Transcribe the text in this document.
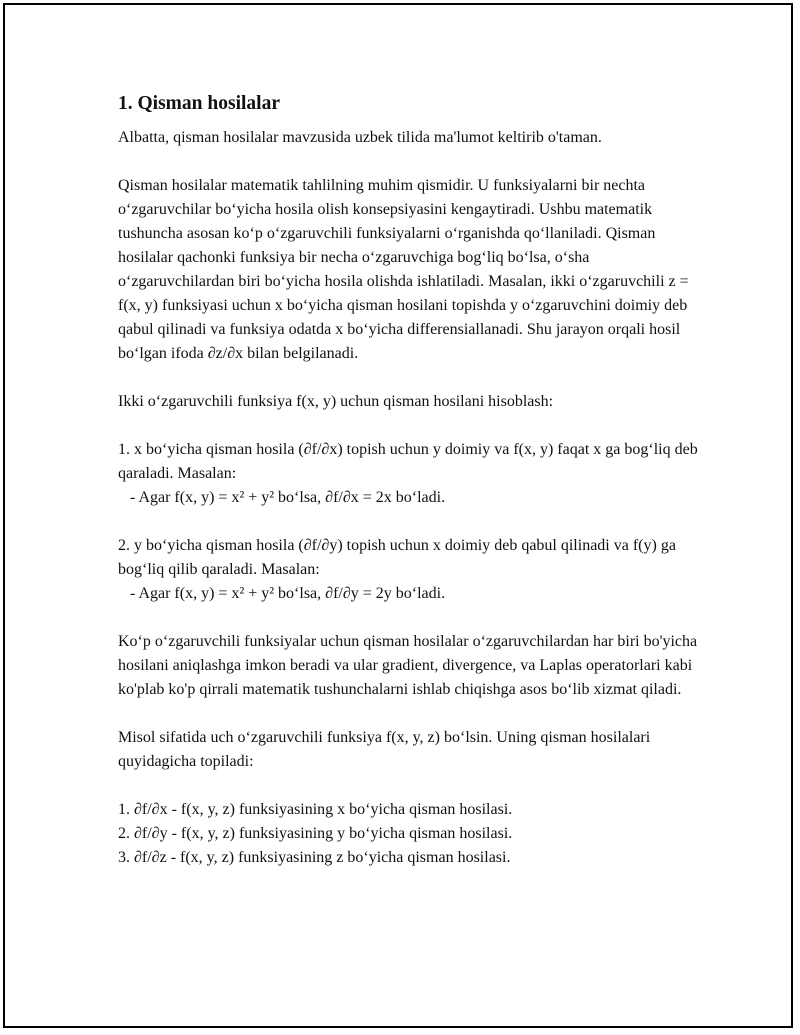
1. Qisman hosilalar

Albatta, qisman hosilalar mavzusida uzbek tilida ma'lumot keltirib o'taman.

Qisman hosilalar matematik tahlilning muhim qismidir. U funksiyalarni bir nechta o‘zgaruvchilar bo‘yicha hosila olish konsepsiyasini kengaytiradi. Ushbu matematik tushuncha asosan ko‘p o‘zgaruvchili funksiyalarni o‘rganishda qo‘llaniladi. Qisman hosilalar qachonki funksiya bir necha o‘zgaruvchiga bog‘liq bo‘lsa, o‘sha o‘zgaruvchilardan biri bo‘yicha hosila olishda ishlatiladi. Masalan, ikki o‘zgaruvchili z = f(x, y) funksiyasi uchun x bo‘yicha qisman hosilani topishda y o‘zgaruvchini doimiy deb qabul qilinadi va funksiya odatda x bo‘yicha differensiallanadi. Shu jarayon orqali hosil bo‘lgan ifoda ∂z/∂x bilan belgilanadi.

Ikki o‘zgaruvchili funksiya f(x, y) uchun qisman hosilani hisoblash:

1. x bo‘yicha qisman hosila (∂f/∂x) topish uchun y doimiy va f(x, y) faqat x ga bog‘liq deb qaraladi. Masalan:

- Agar f(x, y) = x² + y² bo‘lsa, ∂f/∂x = 2x bo‘ladi.

2. y bo‘yicha qisman hosila (∂f/∂y) topish uchun x doimiy deb qabul qilinadi va f(y) ga bog‘liq qilib qaraladi. Masalan:

- Agar f(x, y) = x² + y² bo‘lsa, ∂f/∂y = 2y bo‘ladi.

Ko‘p o‘zgaruvchili funksiyalar uchun qisman hosilalar o‘zgaruvchilardan har biri bo'yicha hosilani aniqlashga imkon beradi va ular gradient, divergence, va Laplas operatorlari kabi ko'plab ko'p qirrali matematik tushunchalarni ishlab chiqishga asos bo‘lib xizmat qiladi.

Misol sifatida uch o‘zgaruvchili funksiya f(x, y, z) bo‘lsin. Uning qisman hosilalari quyidagicha topiladi:

1. ∂f/∂x - f(x, y, z) funksiyasining x bo‘yicha qisman hosilasi.

2. ∂f/∂y - f(x, y, z) funksiyasining y bo‘yicha qisman hosilasi.

3. ∂f/∂z - f(x, y, z) funksiyasining z bo‘yicha qisman hosilasi.
